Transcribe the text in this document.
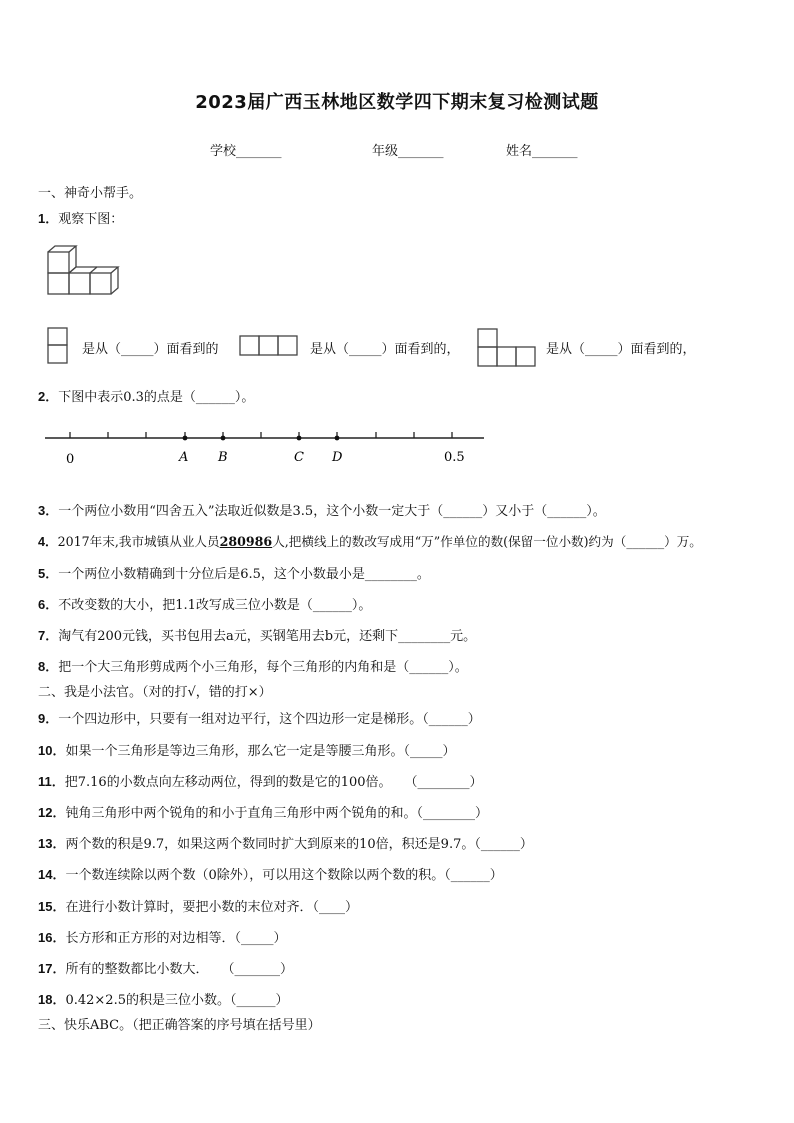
2023届广西玉林地区数学四下期末复习检测试题
学校_______	年级_______	姓名_______
一、神奇小帮手。
1．观察下图：
是从（_____）面看到的	是从（_____）面看到的，	是从（_____）面看到的，
2．下图中表示0.3的点是（______）。
0	A B	C D	0.5
3．一个两位小数用“四舍五入”法取近似数是3.5，这个小数一定大于（______）又小于（______）。
4．2017年末,我市城镇从业人员280986人,把横线上的数改写成用“万”作单位的数(保留一位小数)约为（______）万。
5．一个两位小数精确到十分位后是6.5，这个小数最小是________。
6．不改变数的大小，把1.1改写成三位小数是（______）。
7．淘气有200元钱，买书包用去a元，买钢笔用去b元，还剩下________元。
8．把一个大三角形剪成两个小三角形，每个三角形的内角和是（______）。
二、我是小法官。（对的打√，错的打×）
9．一个四边形中，只要有一组对边平行，这个四边形一定是梯形。（______）
10．如果一个三角形是等边三角形，那么它一定是等腰三角形。（_____）
11．把7.16的小数点向左移动两位，得到的数是它的100倍。　　（________）
12．钝角三角形中两个锐角的和小于直角三角形中两个锐角的和。（________）
13．两个数的积是9.7，如果这两个数同时扩大到原来的10倍，积还是9.7。（______）
14．一个数连续除以两个数（0除外），可以用这个数除以两个数的积。（______）
15．在进行小数计算时，要把小数的末位对齐．（____）
16．长方形和正方形的对边相等．（_____）
17．所有的整数都比小数大．　　（_______）
18．0.42×2.5的积是三位小数。（______）
三、快乐ABC。（把正确答案的序号填在括号里）
